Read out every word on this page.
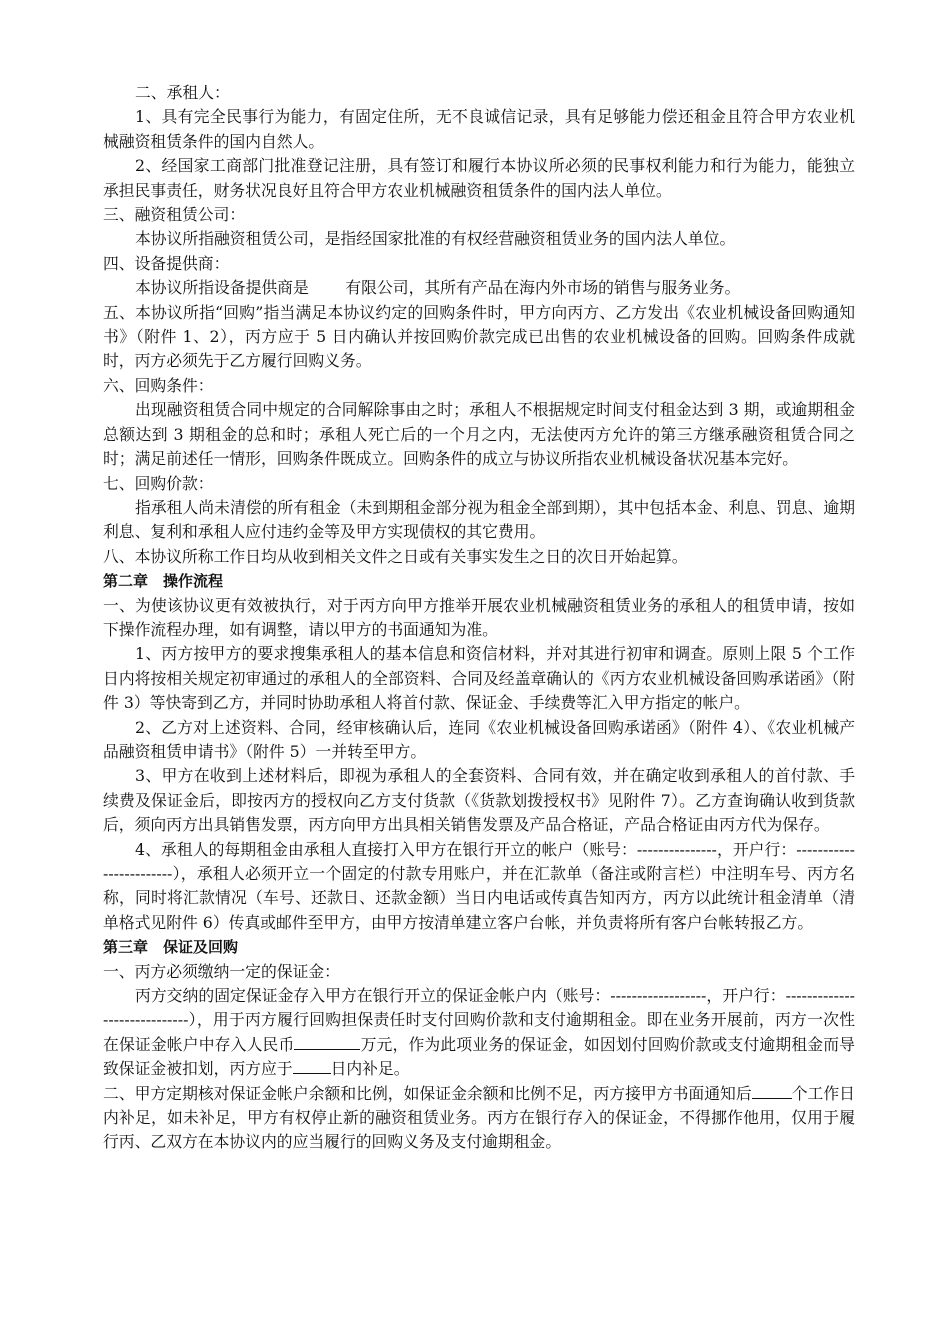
二、承租人：

1、具有完全民事行为能力，有固定住所，无不良诚信记录，具有足够能力偿还租金且符合甲方农业机械融资租赁条件的国内自然人。

2、经国家工商部门批准登记注册，具有签订和履行本协议所必须的民事权利能力和行为能力，能独立承担民事责任，财务状况良好且符合甲方农业机械融资租赁条件的国内法人单位。

三、融资租赁公司：

本协议所指融资租赁公司，是指经国家批准的有权经营融资租赁业务的国内法人单位。

四、设备提供商：

本协议所指设备提供商是　　 有限公司，其所有产品在海内外市场的销售与服务业务。

五、本协议所指“回购”指当满足本协议约定的回购条件时，甲方向丙方、乙方发出《农业机械设备回购通知书》（附件 1、2），丙方应于 5 日内确认并按回购价款完成已出售的农业机械设备的回购。回购条件成就时，丙方必须先于乙方履行回购义务。

六、回购条件：

出现融资租赁合同中规定的合同解除事由之时；承租人不根据规定时间支付租金达到 3 期，或逾期租金总额达到 3 期租金的总和时；承租人死亡后的一个月之内，无法使丙方允许的第三方继承融资租赁合同之时；满足前述任一情形，回购条件既成立。回购条件的成立与协议所指农业机械设备状况基本完好。

七、回购价款：

指承租人尚未清偿的所有租金（未到期租金部分视为租金全部到期），其中包括本金、利息、罚息、逾期利息、复利和承租人应付违约金等及甲方实现债权的其它费用。

八、本协议所称工作日均从收到相关文件之日或有关事实发生之日的次日开始起算。

第二章　操作流程

一、为使该协议更有效被执行，对于丙方向甲方推举开展农业机械融资租赁业务的承租人的租赁申请，按如下操作流程办理，如有调整，请以甲方的书面通知为准。

1、丙方按甲方的要求搜集承租人的基本信息和资信材料，并对其进行初审和调查。原则上限 5 个工作日内将按相关规定初审通过的承租人的全部资料、合同及经盖章确认的《丙方农业机械设备回购承诺函》（附件 3）等快寄到乙方，并同时协助承租人将首付款、保证金、手续费等汇入甲方指定的帐户。

2、乙方对上述资料、合同，经审核确认后，连同《农业机械设备回购承诺函》（附件 4）、《农业机械产品融资租赁申请书》（附件 5）一并转至甲方。

3、甲方在收到上述材料后，即视为承租人的全套资料、合同有效，并在确定收到承租人的首付款、手续费及保证金后，即按丙方的授权向乙方支付货款（《货款划拨授权书》见附件 7）。乙方查询确认收到货款后，须向丙方出具销售发票，丙方向甲方出具相关销售发票及产品合格证，产品合格证由丙方代为保存。

4、承租人的每期租金由承租人直接打入甲方在银行开立的帐户（账号：---------------，开户行：------------------------），承租人必须开立一个固定的付款专用账户，并在汇款单（备注或附言栏）中注明车号、丙方名称，同时将汇款情况（车号、还款日、还款金额）当日内电话或传真告知丙方，丙方以此统计租金清单（清单格式见附件 6）传真或邮件至甲方，由甲方按清单建立客户台帐，并负责将所有客户台帐转报乙方。

第三章　保证及回购

一、丙方必须缴纳一定的保证金：

丙方交纳的固定保证金存入甲方在银行开立的保证金帐户内（账号：------------------，开户行：-----------------------------），用于丙方履行回购担保责任时支付回购价款和支付逾期租金。即在业务开展前，丙方一次性在保证金帐户中存入人民币	万元，作为此项业务的保证金，如因划付回购价款或支付逾期租金而导致保证金被扣划，丙方应于 日内补足。

二、甲方定期核对保证金帐户余额和比例，如保证金余额和比例不足，丙方接甲方书面通知后	个工作日内补足，如未补足，甲方有权停止新的融资租赁业务。丙方在银行存入的保证金，不得挪作他用，仅用于履行丙、乙双方在本协议内的应当履行的回购义务及支付逾期租金。
